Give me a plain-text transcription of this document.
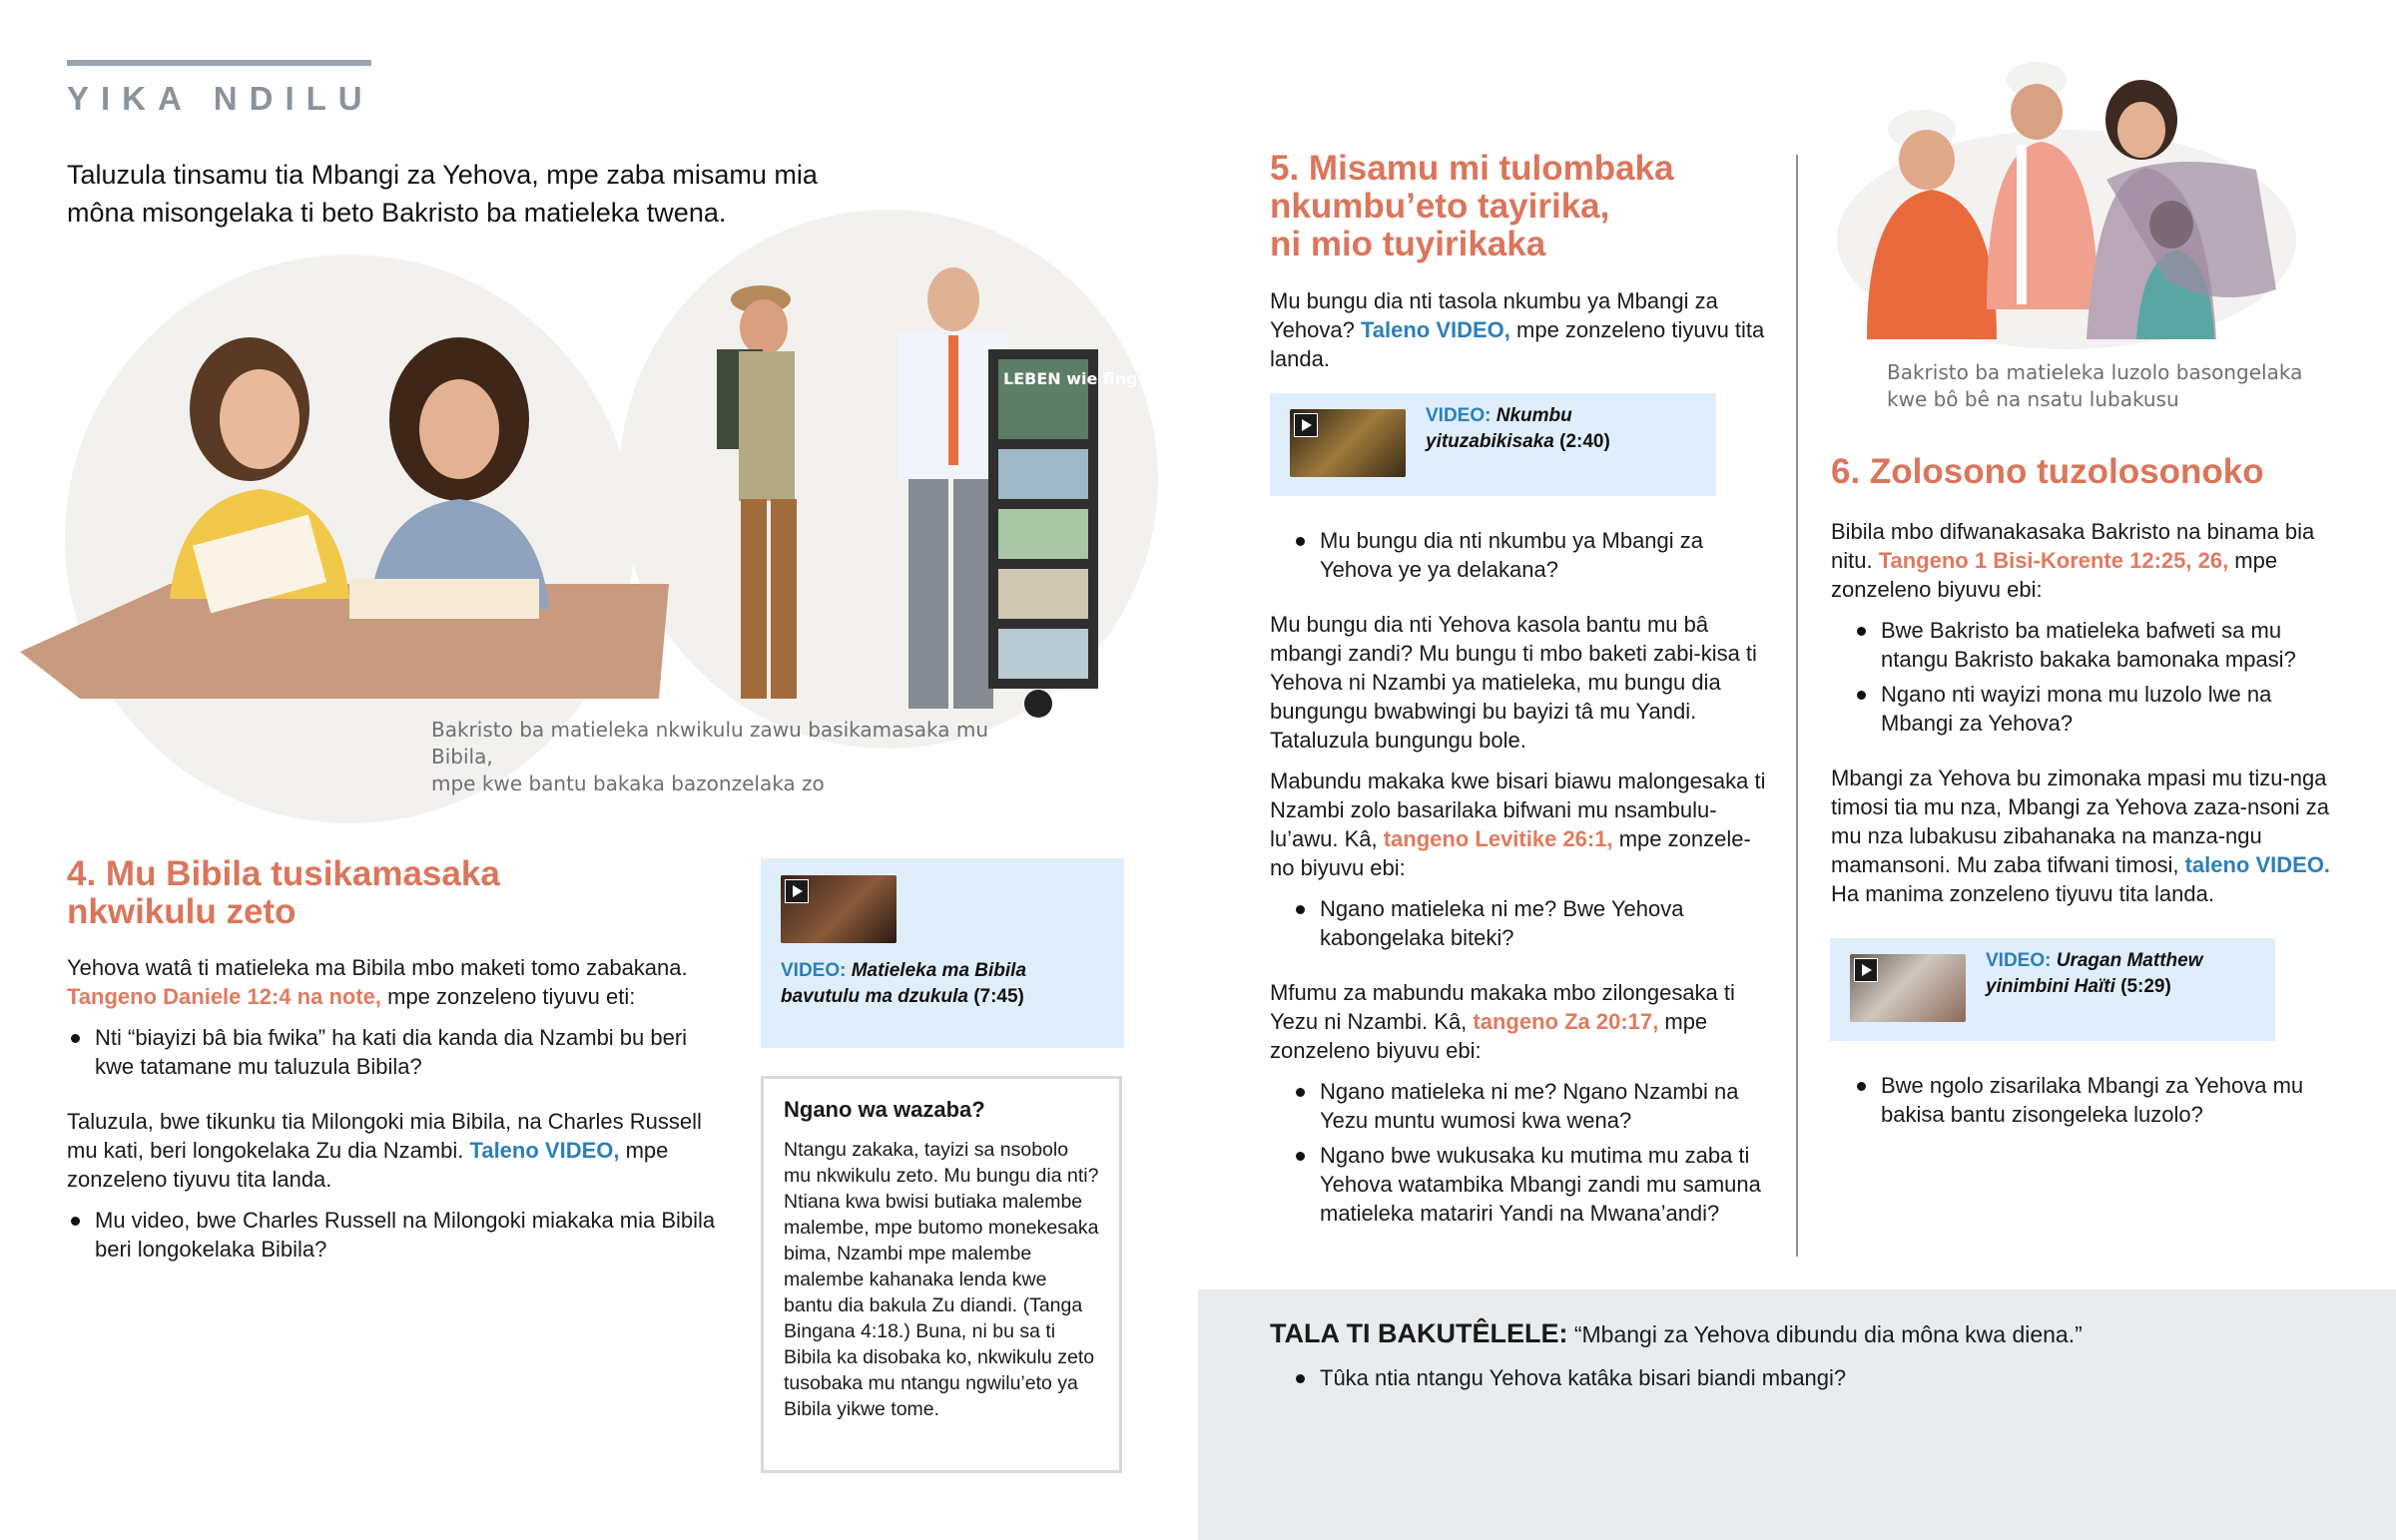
YIKA NDILU
Taluzula tinsamu tia Mbangi za Yehova, mpe zaba misamu mia môna misongelaka ti beto Bakristo ba matieleka twena.
LEBEN wie fing alles an?
Bakristo ba matieleka nkwikulu zawu basikamasaka mu Bibila,
mpe kwe bantu bakaka bazonzelaka zo
4. Mu Bibila tusikamasaka
nkwikulu zeto
Yehova watâ ti matieleka ma Bibila mbo maketi tomo zabakana. Tangeno Daniele 12:4 na note, mpe zonzeleno tiyuvu eti:
Nti “biayizi bâ bia fwika” ha kati dia kanda dia Nzambi bu beri kwe tatamane mu taluzula Bibila?
Taluzula, bwe tikunku tia Milongoki mia Bibila, na Charles Russell mu kati, beri longokelaka Zu dia Nzambi. Taleno VIDEO, mpe zonzeleno tiyuvu tita landa.
Mu video, bwe Charles Russell na Milongoki miakaka mia Bibila beri longokelaka Bibila?
VIDEO: Matieleka ma Bibila bavutulu ma dzukula (7:45)
Ngano wa wazaba?
Ntangu zakaka, tayizi sa nsobolo mu nkwikulu zeto. Mu bungu dia nti? Ntiana kwa bwisi butiaka malembe malembe, mpe butomo monekesaka bima, Nzambi mpe malembe malembe kahanaka lenda kwe bantu dia bakula Zu diandi. (Tanga Bingana 4:18.) Buna, ni bu sa ti Bibila ka disobaka ko, nkwikulu zeto tusobaka mu ntangu ngwilu’eto ya Bibila yikwe tome.
5. Misamu mi tulombaka
nkumbu’eto tayirika,
ni mio tuyirikaka
Mu bungu dia nti tasola nkumbu ya Mbangi za Yehova? Taleno VIDEO, mpe zonzeleno tiyuvu tita landa.
VIDEO: Nkumbu
yituzabikisaka (2:40)
Mu bungu dia nti nkumbu ya Mbangi za Yehova ye ya delakana?
Mu bungu dia nti Yehova kasola bantu mu bâ mbangi zandi? Mu bungu ti mbo baketi zabi-kisa ti Yehova ni Nzambi ya matieleka, mu bungu dia bungungu bwabwingi bu bayizi tâ mu Yandi. Tataluzula bungungu bole.
Mabundu makaka kwe bisari biawu malongesaka ti Nzambi zolo basarilaka bifwani mu nsambulu-lu’awu. Kâ, tangeno Levitike 26:1, mpe zonzele-no biyuvu ebi:
Ngano matieleka ni me? Bwe Yehova kabongelaka biteki?
Mfumu za mabundu makaka mbo zilongesaka ti Yezu ni Nzambi. Kâ, tangeno Za 20:17, mpe zonzeleno biyuvu ebi:
Ngano matieleka ni me? Ngano Nzambi na Yezu muntu wumosi kwa wena?
Ngano bwe wukusaka ku mutima mu zaba ti Yehova watambika Mbangi zandi mu samuna matieleka matariri Yandi na Mwana’andi?
Bakristo ba matieleka luzolo basongelaka
kwe bô bê na nsatu lubakusu
6. Zolosono tuzolosonoko
Bibila mbo difwanakasaka Bakristo na binama bia nitu. Tangeno 1 Bisi-Korente 12:25, 26, mpe zonzeleno biyuvu ebi:
Bwe Bakristo ba matieleka bafweti sa mu ntangu Bakristo bakaka bamonaka mpasi?
Ngano nti wayizi mona mu luzolo lwe na Mbangi za Yehova?
Mbangi za Yehova bu zimonaka mpasi mu tizu-nga timosi tia mu nza, Mbangi za Yehova zaza-nsoni za mu nza lubakusu zibahanaka na manza-ngu mamansoni. Mu zaba tifwani timosi, taleno VIDEO. Ha manima zonzeleno tiyuvu tita landa.
VIDEO: Uragan Matthew
yinimbini Haïti (5:29)
Bwe ngolo zisarilaka Mbangi za Yehova mu bakisa bantu zisongeleka luzolo?
TALA TI BAKUTÊLELE: “Mbangi za Yehova dibundu dia môna kwa diena.”
Tûka ntia ntangu Yehova katâka bisari biandi mbangi?
